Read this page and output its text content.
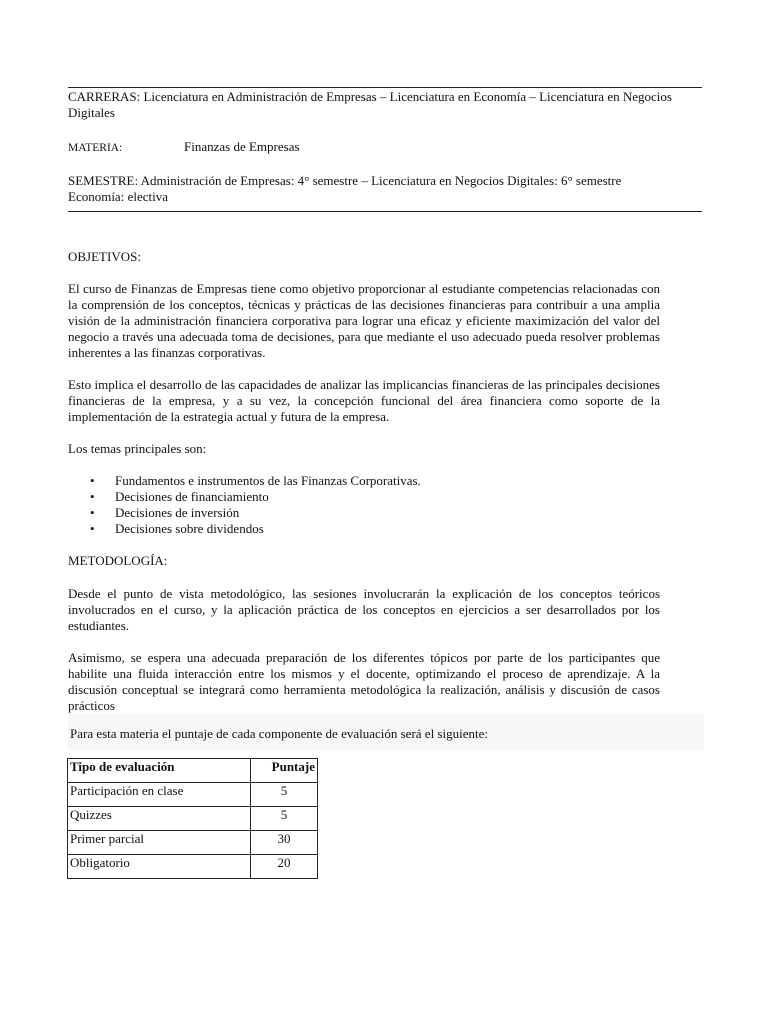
CARRERAS: Licenciatura en Administración de Empresas – Licenciatura en Economía – Licenciatura en Negocios Digitales

MATERIA:	Finanzas de Empresas

SEMESTRE: Administración de Empresas: 4° semestre – Licenciatura en Negocios Digitales: 6° semestre

Economía: electiva

OBJETIVOS:

El curso de Finanzas de Empresas tiene como objetivo proporcionar al estudiante competencias relacionadas con la comprensión de los conceptos, técnicas y prácticas de las decisiones financieras para contribuir a una amplia visión de la administración financiera corporativa para lograr una eficaz y eficiente maximización del valor del negocio a través una adecuada toma de decisiones, para que mediante el uso adecuado pueda resolver problemas inherentes a las finanzas corporativas.

Esto implica el desarrollo de las capacidades de analizar las implicancias financieras de las principales decisiones financieras de la empresa, y a su vez, la concepción funcional del área financiera como soporte de la implementación de la estrategia actual y futura de la empresa.

Los temas principales son:

• Fundamentos e instrumentos de las Finanzas Corporativas.
• Decisiones de financiamiento
• Decisiones de inversión
• Decisiones sobre dividendos

METODOLOGÍA:

Desde el punto de vista metodológico, las sesiones involucrarán la explicación de los conceptos teóricos involucrados en el curso, y la aplicación práctica de los conceptos en ejercicios a ser desarrollados por los estudiantes.

Asimismo, se espera una adecuada preparación de los diferentes tópicos por parte de los participantes que habilite una fluida interacción entre los mismos y el docente, optimizando el proceso de aprendizaje. A la discusión conceptual se integrará como herramienta metodológica la realización, análisis y discusión de casos prácticos

Para esta materia el puntaje de cada componente de evaluación será el siguiente:

Tipo de evaluación	Puntaje
Participación en clase	5
Quizzes	5
Primer parcial	30
Obligatorio	20
